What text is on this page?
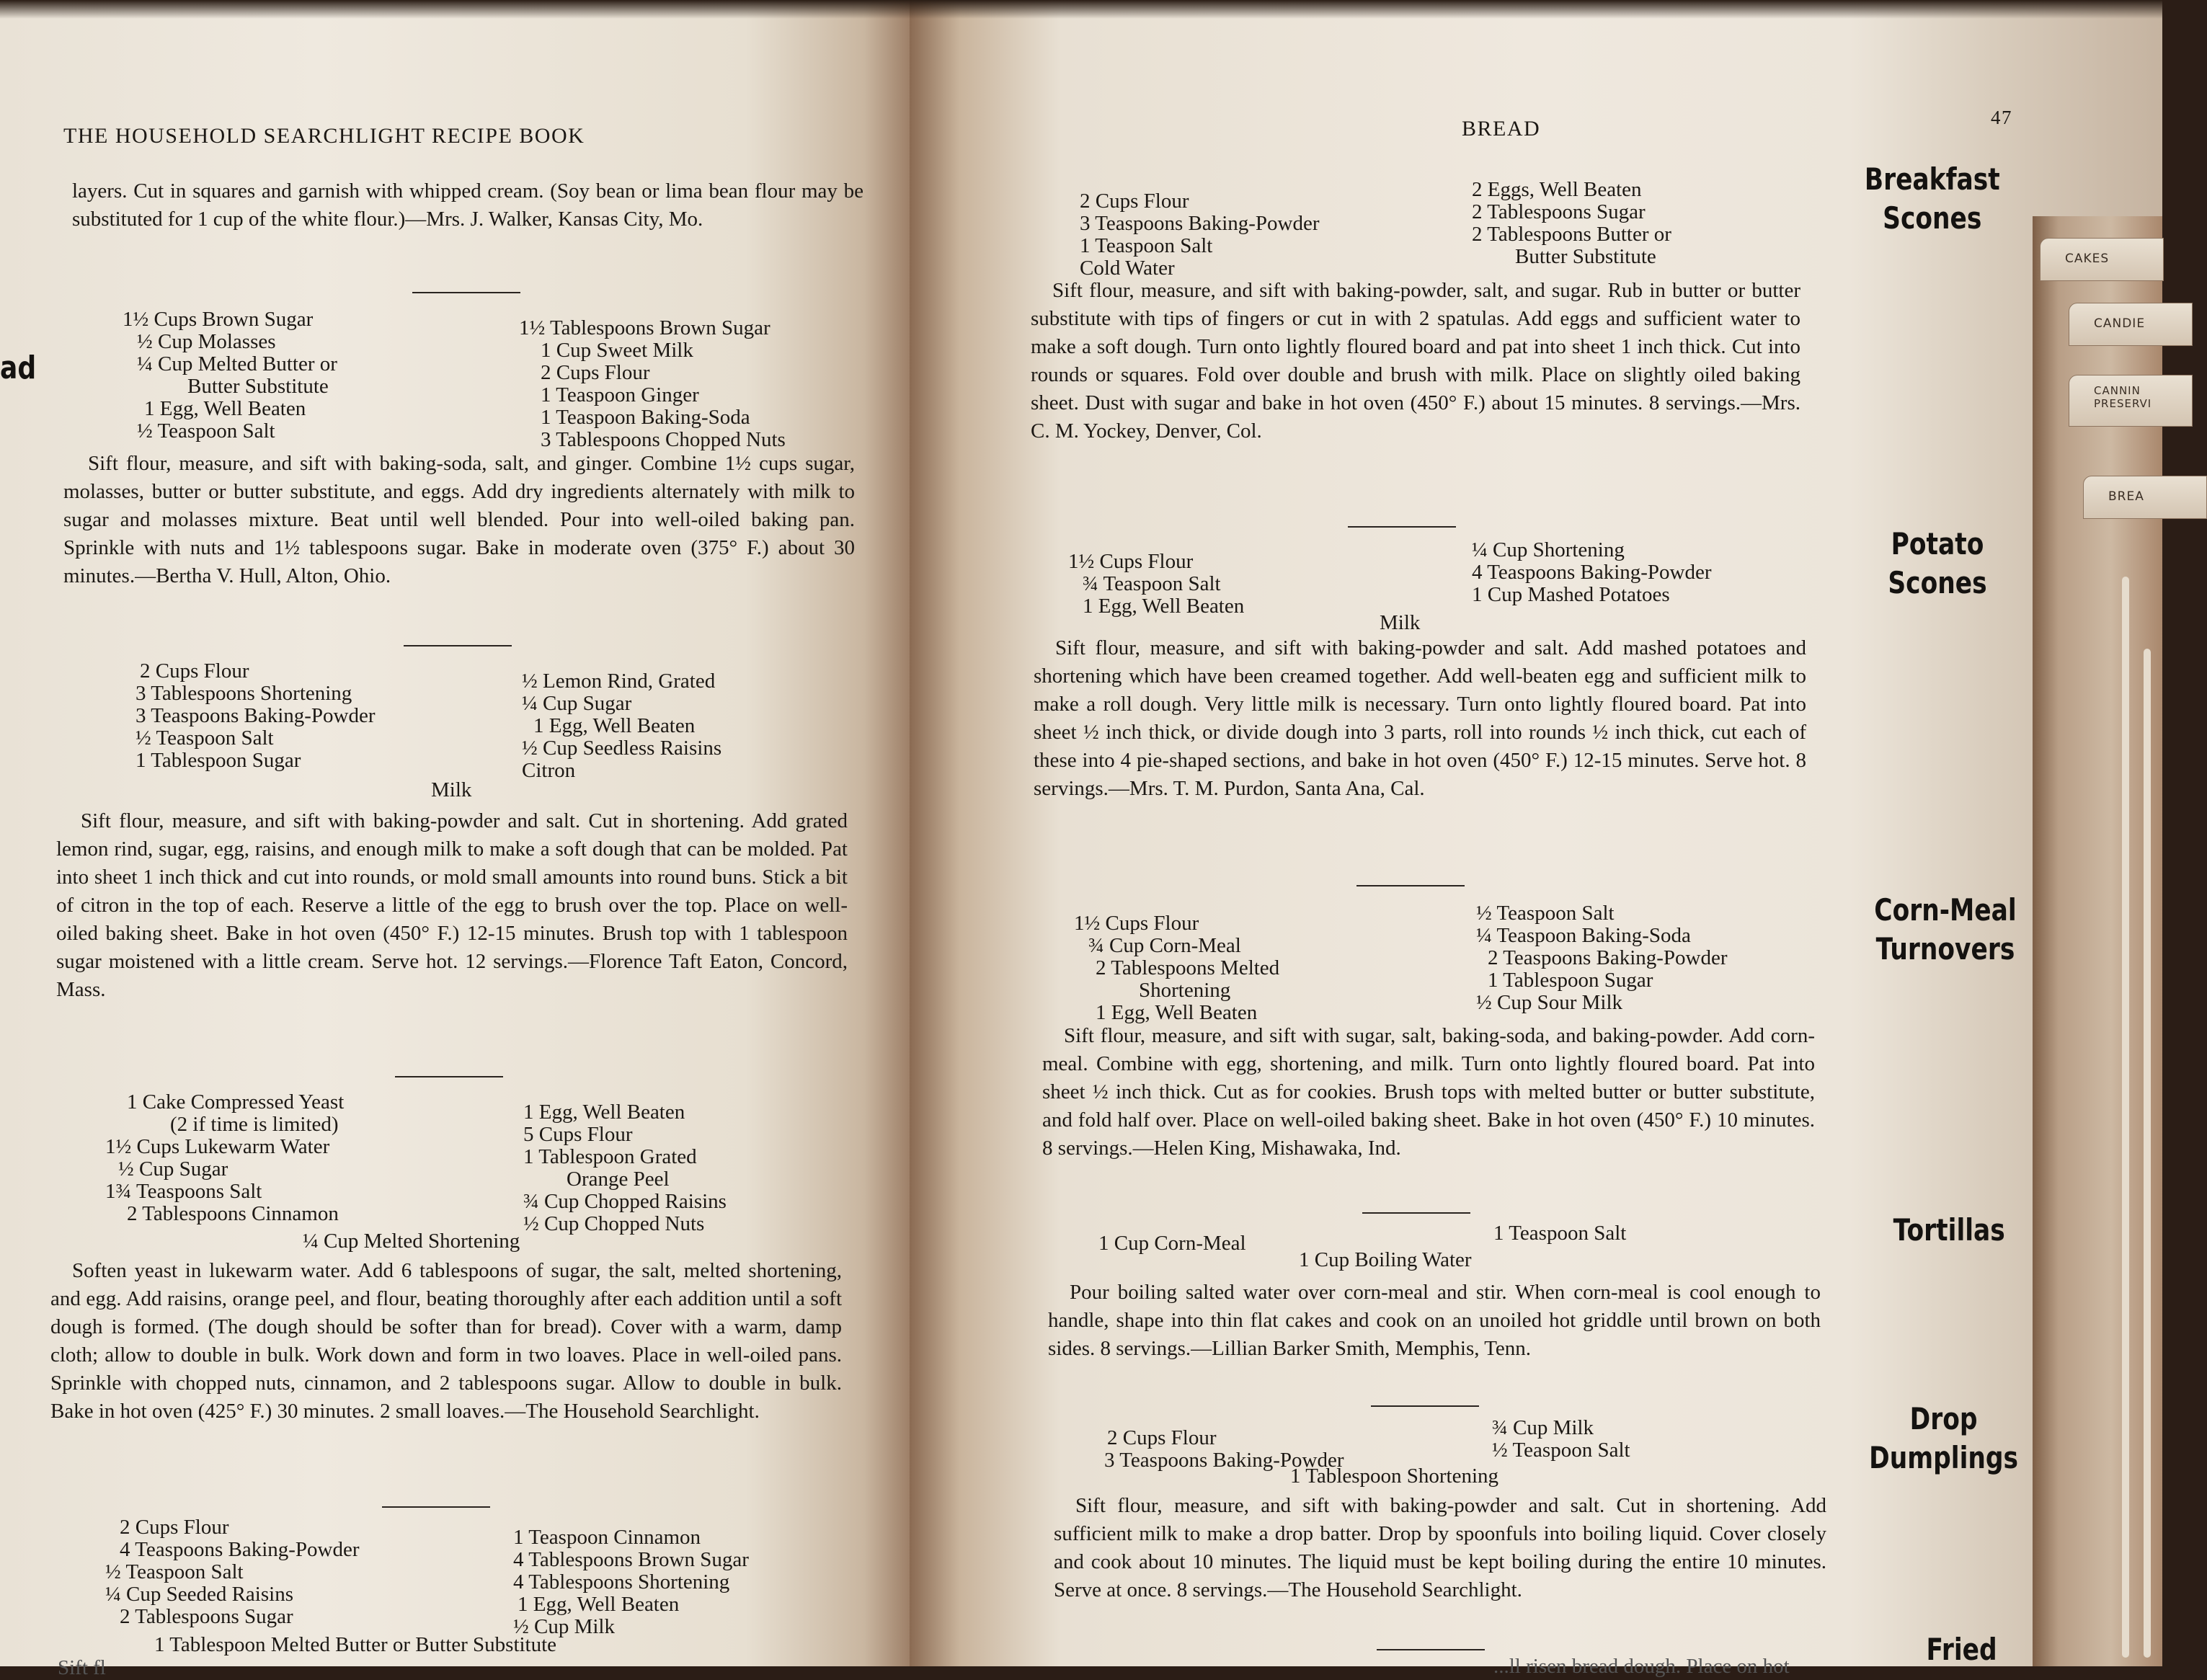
THE HOUSEHOLD SEARCHLIGHT RECIPE BOOK
layers. Cut in squares and garnish with whipped cream. (Soy bean or lima bean flour may be substituted for 1 cup of the white flour.)—Mrs. J. Walker, Kansas City, Mo.
1½ Cups Brown Sugar
½ Cup Molasses
¼ Cup Melted Butter or
Butter Substitute
1 Egg, Well Beaten
½ Teaspoon Salt
1½ Tablespoons Brown Sugar
1 Cup Sweet Milk
2 Cups Flour
1 Teaspoon Ginger
1 Teaspoon Baking-Soda
3 Tablespoons Chopped Nuts
Sift flour, measure, and sift with baking-soda, salt, and ginger. Combine 1½ cups sugar, molasses, butter or butter substitute, and eggs. Add dry ingredients alternately with milk to sugar and molasses mixture. Beat until well blended. Pour into well-oiled baking pan. Sprinkle with nuts and 1½ tablespoons sugar. Bake in moderate oven (375° F.) about 30 minutes.—Bertha V. Hull, Alton, Ohio.
2 Cups Flour
3 Tablespoons Shortening
3 Teaspoons Baking-Powder
½ Teaspoon Salt
1 Tablespoon Sugar
½ Lemon Rind, Grated
¼ Cup Sugar
1 Egg, Well Beaten
½ Cup Seedless Raisins
Citron
Milk
Sift flour, measure, and sift with baking-powder and salt. Cut in shortening. Add grated lemon rind, sugar, egg, raisins, and enough milk to make a soft dough that can be molded. Pat into sheet 1 inch thick and cut into rounds, or mold small amounts into round buns. Stick a bit of citron in the top of each. Reserve a little of the egg to brush over the top. Place on well-oiled baking sheet. Bake in hot oven (450° F.) 12-15 minutes. Brush top with 1 tablespoon sugar moistened with a little cream. Serve hot. 12 servings.—Florence Taft Eaton, Concord, Mass.
1 Cake Compressed Yeast
(2 if time is limited)
1½ Cups Lukewarm Water
½ Cup Sugar
1¾ Teaspoons Salt
2 Tablespoons Cinnamon
1 Egg, Well Beaten
5 Cups Flour
1 Tablespoon Grated
Orange Peel
¾ Cup Chopped Raisins
½ Cup Chopped Nuts
¼ Cup Melted Shortening
Soften yeast in lukewarm water. Add 6 tablespoons of sugar, the salt, melted shortening, and egg. Add raisins, orange peel, and flour, beating thoroughly after each addition until a soft dough is formed. (The dough should be softer than for bread). Cover with a warm, damp cloth; allow to double in bulk. Work down and form in two loaves. Place in well-oiled pans. Sprinkle with chopped nuts, cinnamon, and 2 tablespoons sugar. Allow to double in bulk. Bake in hot oven (425° F.) 30 minutes. 2 small loaves.—The Household Searchlight.
2 Cups Flour
4 Teaspoons Baking-Powder
½ Teaspoon Salt
¼ Cup Seeded Raisins
2 Tablespoons Sugar
1 Teaspoon Cinnamon
4 Tablespoons Brown Sugar
4 Tablespoons Shortening
1 Egg, Well Beaten
½ Cup Milk
1 Tablespoon Melted Butter or Butter Substitute
Sift fl
ad
BREAD	47
2 Cups Flour
3 Teaspoons Baking-Powder
1 Teaspoon Salt
Cold Water
2 Eggs, Well Beaten
2 Tablespoons Sugar
2 Tablespoons Butter or
Butter Substitute
Sift flour, measure, and sift with baking-powder, salt, and sugar. Rub in butter or butter substitute with tips of fingers or cut in with 2 spatulas. Add eggs and sufficient water to make a soft dough. Turn onto lightly floured board and pat into sheet 1 inch thick. Cut into rounds or squares. Fold over double and brush with milk. Place on slightly oiled baking sheet. Dust with sugar and bake in hot oven (450° F.) about 15 minutes. 8 servings.—Mrs. C. M. Yockey, Denver, Col.
1½ Cups Flour
¾ Teaspoon Salt
1 Egg, Well Beaten
¼ Cup Shortening
4 Teaspoons Baking-Powder
1 Cup Mashed Potatoes
Milk
Sift flour, measure, and sift with baking-powder and salt. Add mashed potatoes and shortening which have been creamed together. Add well-beaten egg and sufficient milk to make a roll dough. Very little milk is necessary. Turn onto lightly floured board. Pat into sheet ½ inch thick, or divide dough into 3 parts, roll into rounds ½ inch thick, cut each of these into 4 pie-shaped sections, and bake in hot oven (450° F.) 12-15 minutes. Serve hot. 8 servings.—Mrs. T. M. Purdon, Santa Ana, Cal.
1½ Cups Flour
¾ Cup Corn-Meal
2 Tablespoons Melted
Shortening
1 Egg, Well Beaten
½ Teaspoon Salt
¼ Teaspoon Baking-Soda
2 Teaspoons Baking-Powder
1 Tablespoon Sugar
½ Cup Sour Milk
Sift flour, measure, and sift with sugar, salt, baking-soda, and baking-powder. Add corn-meal. Combine with egg, shortening, and milk. Turn onto lightly floured board. Pat into sheet ½ inch thick. Cut as for cookies. Brush tops with melted butter or butter substitute, and fold half over. Place on well-oiled baking sheet. Bake in hot oven (450° F.) 10 minutes. 8 servings.—Helen King, Mishawaka, Ind.
1 Cup Corn-Meal	1 Teaspoon Salt
1 Cup Boiling Water
Pour boiling salted water over corn-meal and stir. When corn-meal is cool enough to handle, shape into thin flat cakes and cook on an unoiled hot griddle until brown on both sides. 8 servings.—Lillian Barker Smith, Memphis, Tenn.
2 Cups Flour
3 Teaspoons Baking-Powder
¾ Cup Milk
½ Teaspoon Salt
1 Tablespoon Shortening
Sift flour, measure, and sift with baking-powder and salt. Cut in shortening. Add sufficient milk to make a drop batter. Drop by spoonfuls into boiling liquid. Cover closely and cook about 10 minutes. The liquid must be kept boiling during the entire 10 minutes. Serve at once. 8 servings.—The Household Searchlight.
...ll risen bread dough. Place on hot
Breakfast
Scones
Potato
Scones
Corn-Meal
Turnovers
Tortillas
Drop
Dumplings
Fried
CAKES
CANDIE
CANNIN PRESERVI
BREA
